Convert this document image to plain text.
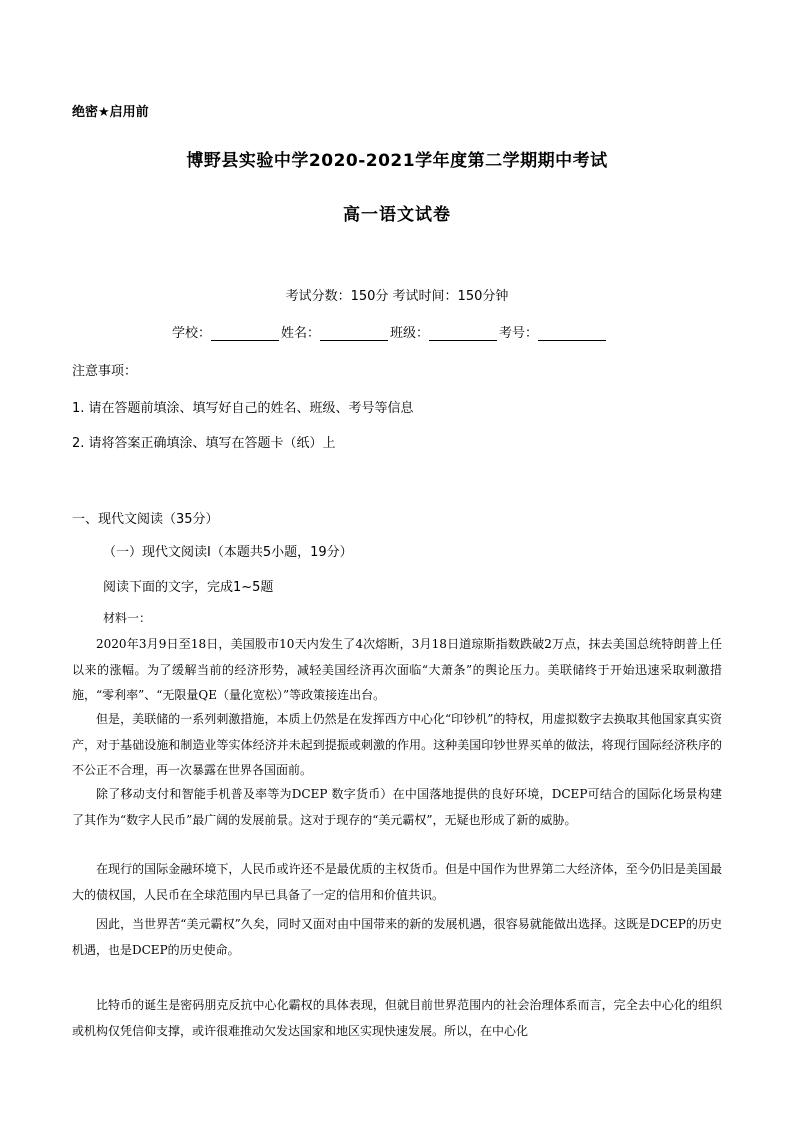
绝密★启用前
博野县实验中学2020-2021学年度第二学期期中考试
高一语文试卷
考试分数：150分 考试时间：150分钟
学校：	姓名：	班级：	考号：
注意事项：
1. 请在答题前填涂、填写好自己的姓名、班级、考号等信息
2. 请将答案正确填涂、填写在答题卡（纸）上
一、现代文阅读（35分）
（一）现代文阅读Ⅰ（本题共5小题，19分）
阅读下面的文字，完成1~5题
材料一：

2020年3月9日至18日，美国股市10天内发生了4次熔断，3月18日道琼斯指数跌破2万点，抹去美国总统特朗普上任以来的涨幅。为了缓解当前的经济形势，减轻美国经济再次面临“大萧条”的舆论压力。美联储终于开始迅速采取刺激措施，“零利率”、“无限量QE（量化宽松）”等政策接连出台。

但是，美联储的一系列刺激措施，本质上仍然是在发挥西方中心化“印钞机”的特权，用虚拟数字去换取其他国家真实资产，对于基础设施和制造业等实体经济并未起到提振或刺激的作用。这种美国印钞世界买单的做法，将现行国际经济秩序的不公正不合理，再一次暴露在世界各国面前。

除了移动支付和智能手机普及率等为DCEP 数字货币）在中国落地提供的良好环境，DCEP可结合的国际化场景构建了其作为“数字人民币”最广阔的发展前景。这对于现存的“美元霸权”，无疑也形成了新的威胁。

在现行的国际金融环境下，人民币或许还不是最优质的主权货币。但是中国作为世界第二大经济体，至今仍旧是美国最大的债权国，人民币在全球范围内早已具备了一定的信用和价值共识。

因此，当世界苦“美元霸权”久矣，同时又面对由中国带来的新的发展机遇，很容易就能做出选择。这既是DCEP的历史机遇，也是DCEP的历史使命。

比特币的诞生是密码朋克反抗中心化霸权的具体表现，但就目前世界范围内的社会治理体系而言，完全去中心化的组织或机构仅凭信仰支撑，或许很难推动欠发达国家和地区实现快速发展。所以，在中心化
